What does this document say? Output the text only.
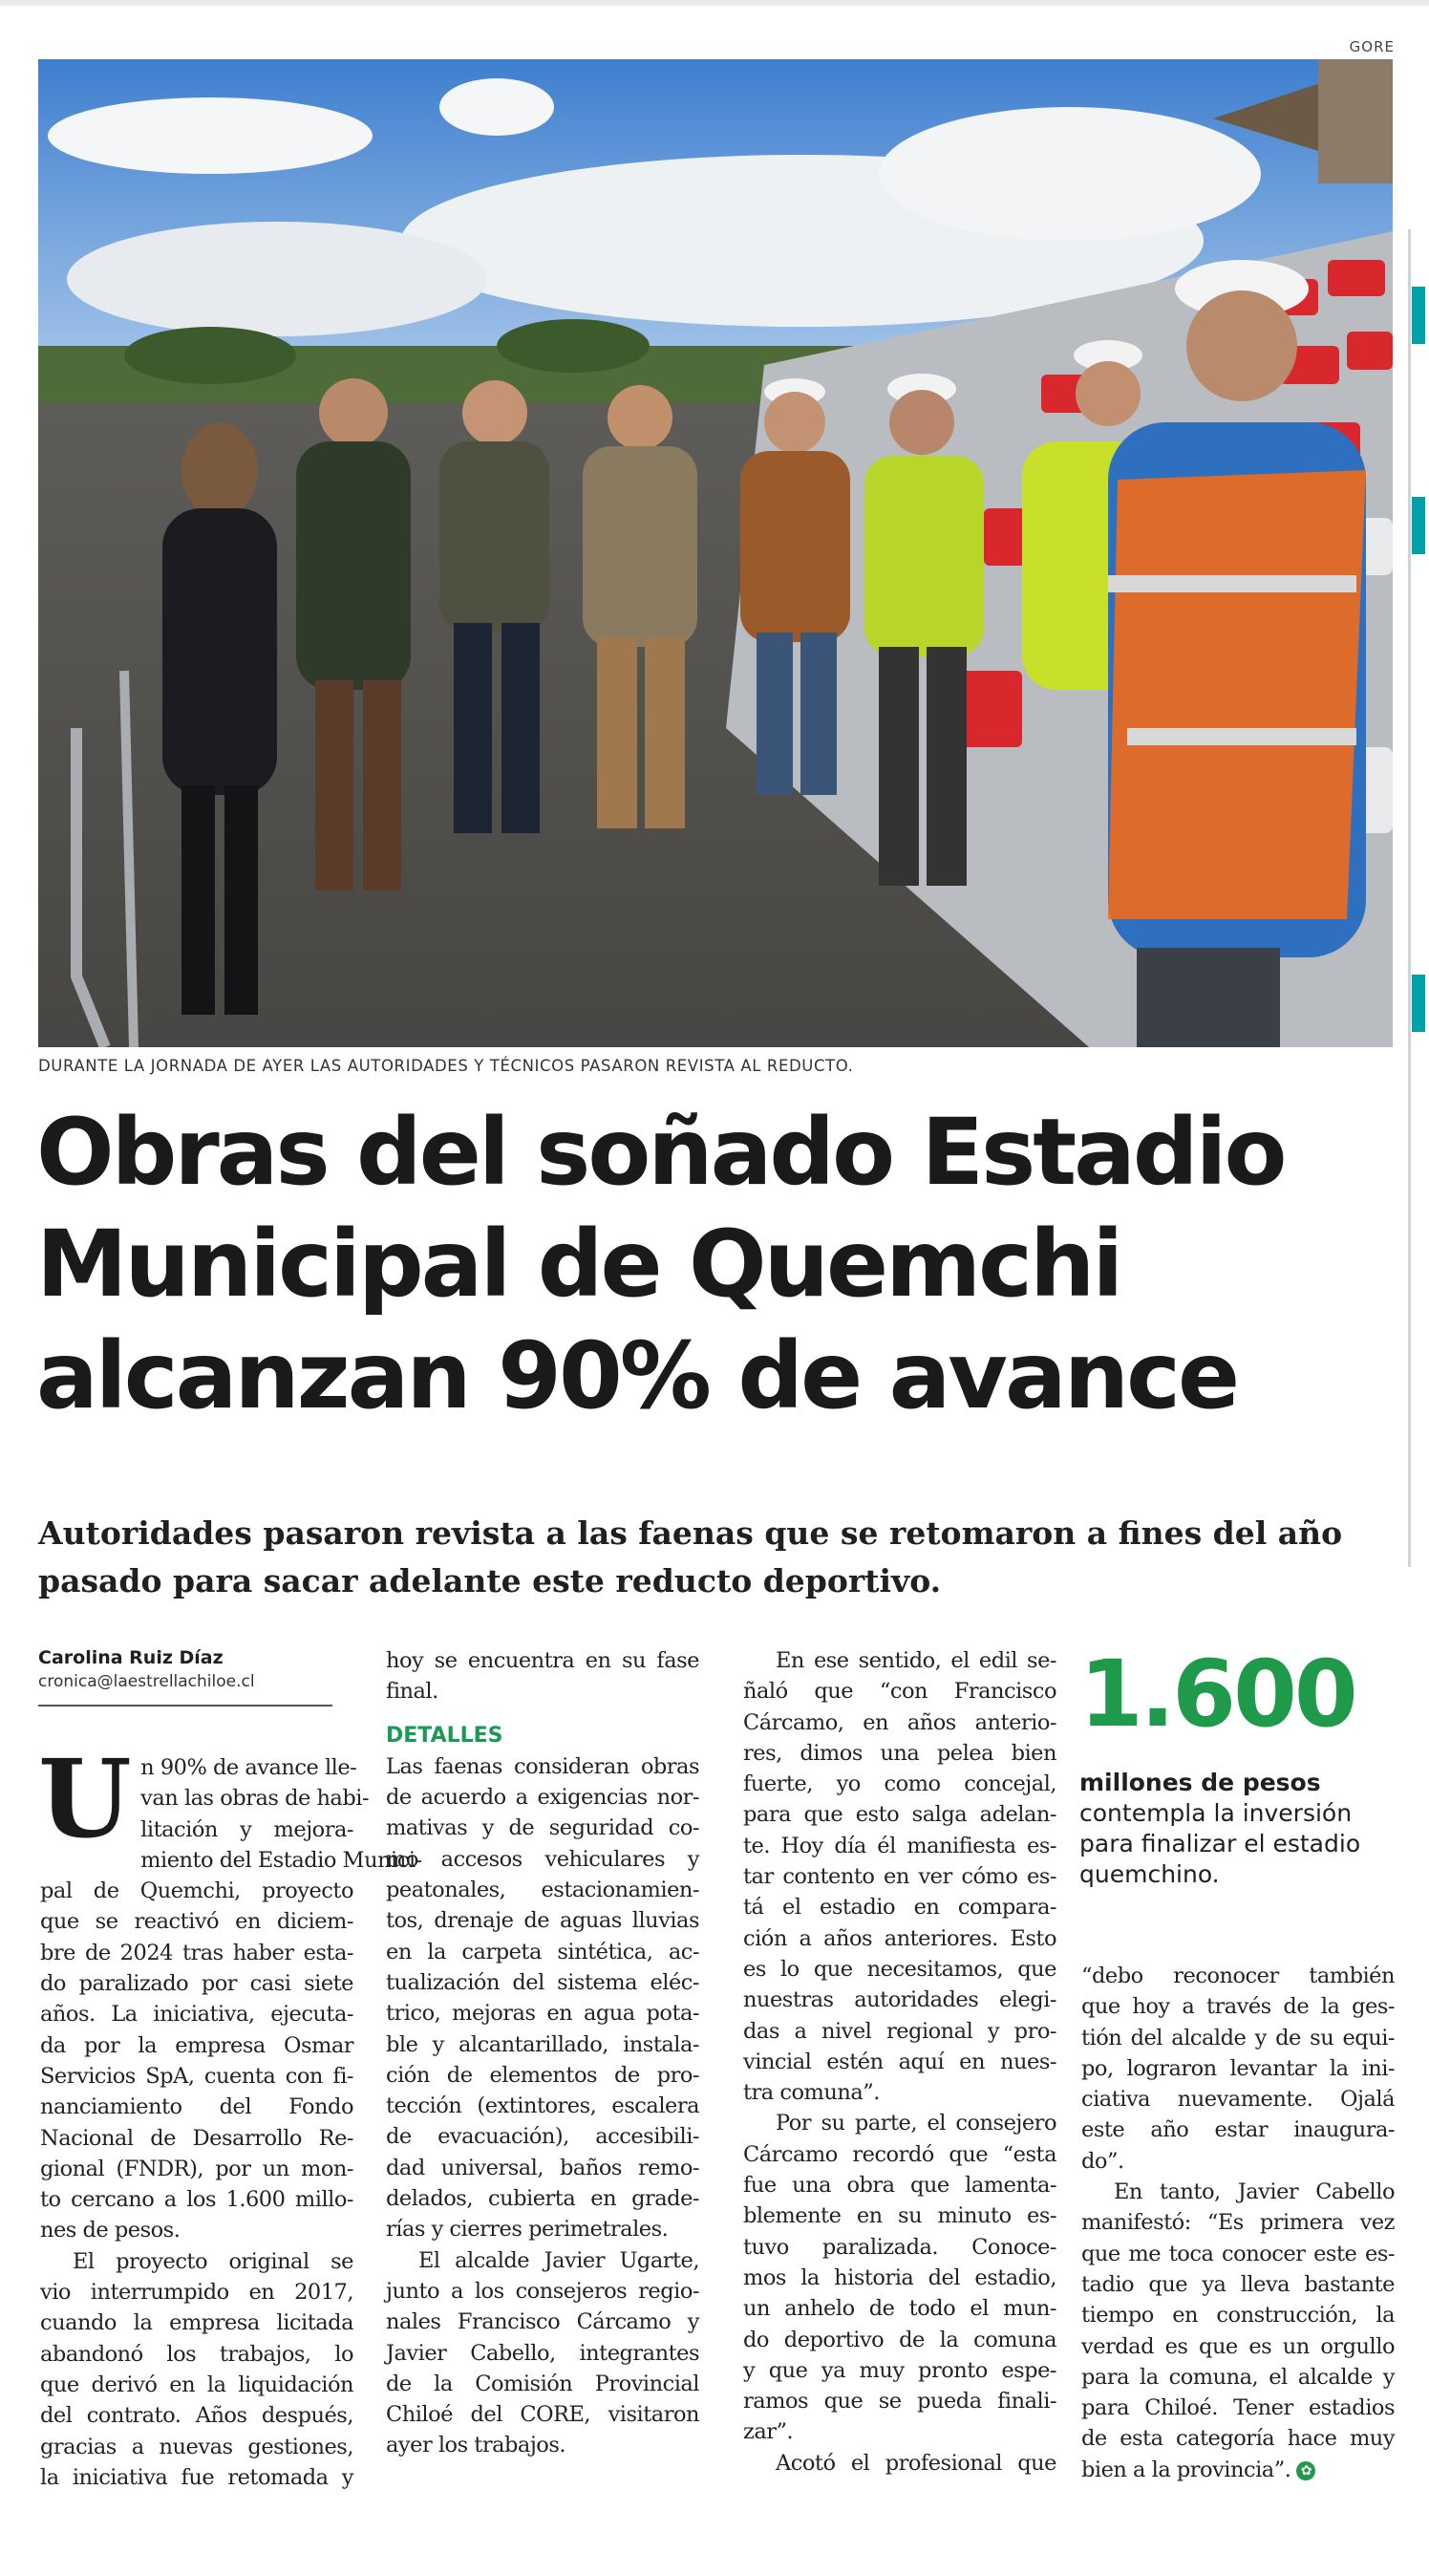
GORE
DURANTE LA JORNADA DE AYER LAS AUTORIDADES Y TÉCNICOS PASARON REVISTA AL REDUCTO.
Obras del soñado Estadio
Municipal de Quemchi
alcanzan 90% de avance
Autoridades pasaron revista a las faenas que se retomaron a fines del año
pasado para sacar adelante este reducto deportivo.
Carolina Ruiz Díaz
cronica@laestrellachiloe.cl
U n 90% de avance lle-
van las obras de habi-
litación y mejora-
miento del Estadio Munici-
pal de Quemchi, proyecto
que se reactivó en diciem-
bre de 2024 tras haber esta-
do paralizado por casi siete
años. La iniciativa, ejecuta-
da por la empresa Osmar
Servicios SpA, cuenta con fi-
nanciamiento del Fondo
Nacional de Desarrollo Re-
gional (FNDR), por un mon-
to cercano a los 1.600 millo-
nes de pesos.
El proyecto original se
vio interrumpido en 2017,
cuando la empresa licitada
abandonó los trabajos, lo
que derivó en la liquidación
del contrato. Años después,
gracias a nuevas gestiones,
la iniciativa fue retomada y
hoy se encuentra en su fase
final.
DETALLES
Las faenas consideran obras
de acuerdo a exigencias nor-
mativas y de seguridad co-
mo accesos vehiculares y
peatonales, estacionamien-
tos, drenaje de aguas lluvias
en la carpeta sintética, ac-
tualización del sistema eléc-
trico, mejoras en agua pota-
ble y alcantarillado, instala-
ción de elementos de pro-
tección (extintores, escalera
de evacuación), accesibili-
dad universal, baños remo-
delados, cubierta en grade-
rías y cierres perimetrales.
El alcalde Javier Ugarte,
junto a los consejeros regio-
nales Francisco Cárcamo y
Javier Cabello, integrantes
de la Comisión Provincial
Chiloé del CORE, visitaron
ayer los trabajos.
En ese sentido, el edil se-
ñaló que “con Francisco
Cárcamo, en años anterio-
res, dimos una pelea bien
fuerte, yo como concejal,
para que esto salga adelan-
te. Hoy día él manifiesta es-
tar contento en ver cómo es-
tá el estadio en compara-
ción a años anteriores. Esto
es lo que necesitamos, que
nuestras autoridades elegi-
das a nivel regional y pro-
vincial estén aquí en nues-
tra comuna”.
Por su parte, el consejero
Cárcamo recordó que “esta
fue una obra que lamenta-
blemente en su minuto es-
tuvo paralizada. Conoce-
mos la historia del estadio,
un anhelo de todo el mun-
do deportivo de la comuna
y que ya muy pronto espe-
ramos que se pueda finali-
zar”.
Acotó el profesional que
1.600
millones de pesos
contempla la inversión
para finalizar el estadio
quemchino.
“debo reconocer también
que hoy a través de la ges-
tión del alcalde y de su equi-
po, lograron levantar la ini-
ciativa nuevamente. Ojalá
este año estar inaugura-
do”.
En tanto, Javier Cabello
manifestó: “Es primera vez
que me toca conocer este es-
tadio que ya lleva bastante
tiempo en construcción, la
verdad es que es un orgullo
para la comuna, el alcalde y
para Chiloé. Tener estadios
de esta categoría hace muy
bien a la provincia”. ✿
